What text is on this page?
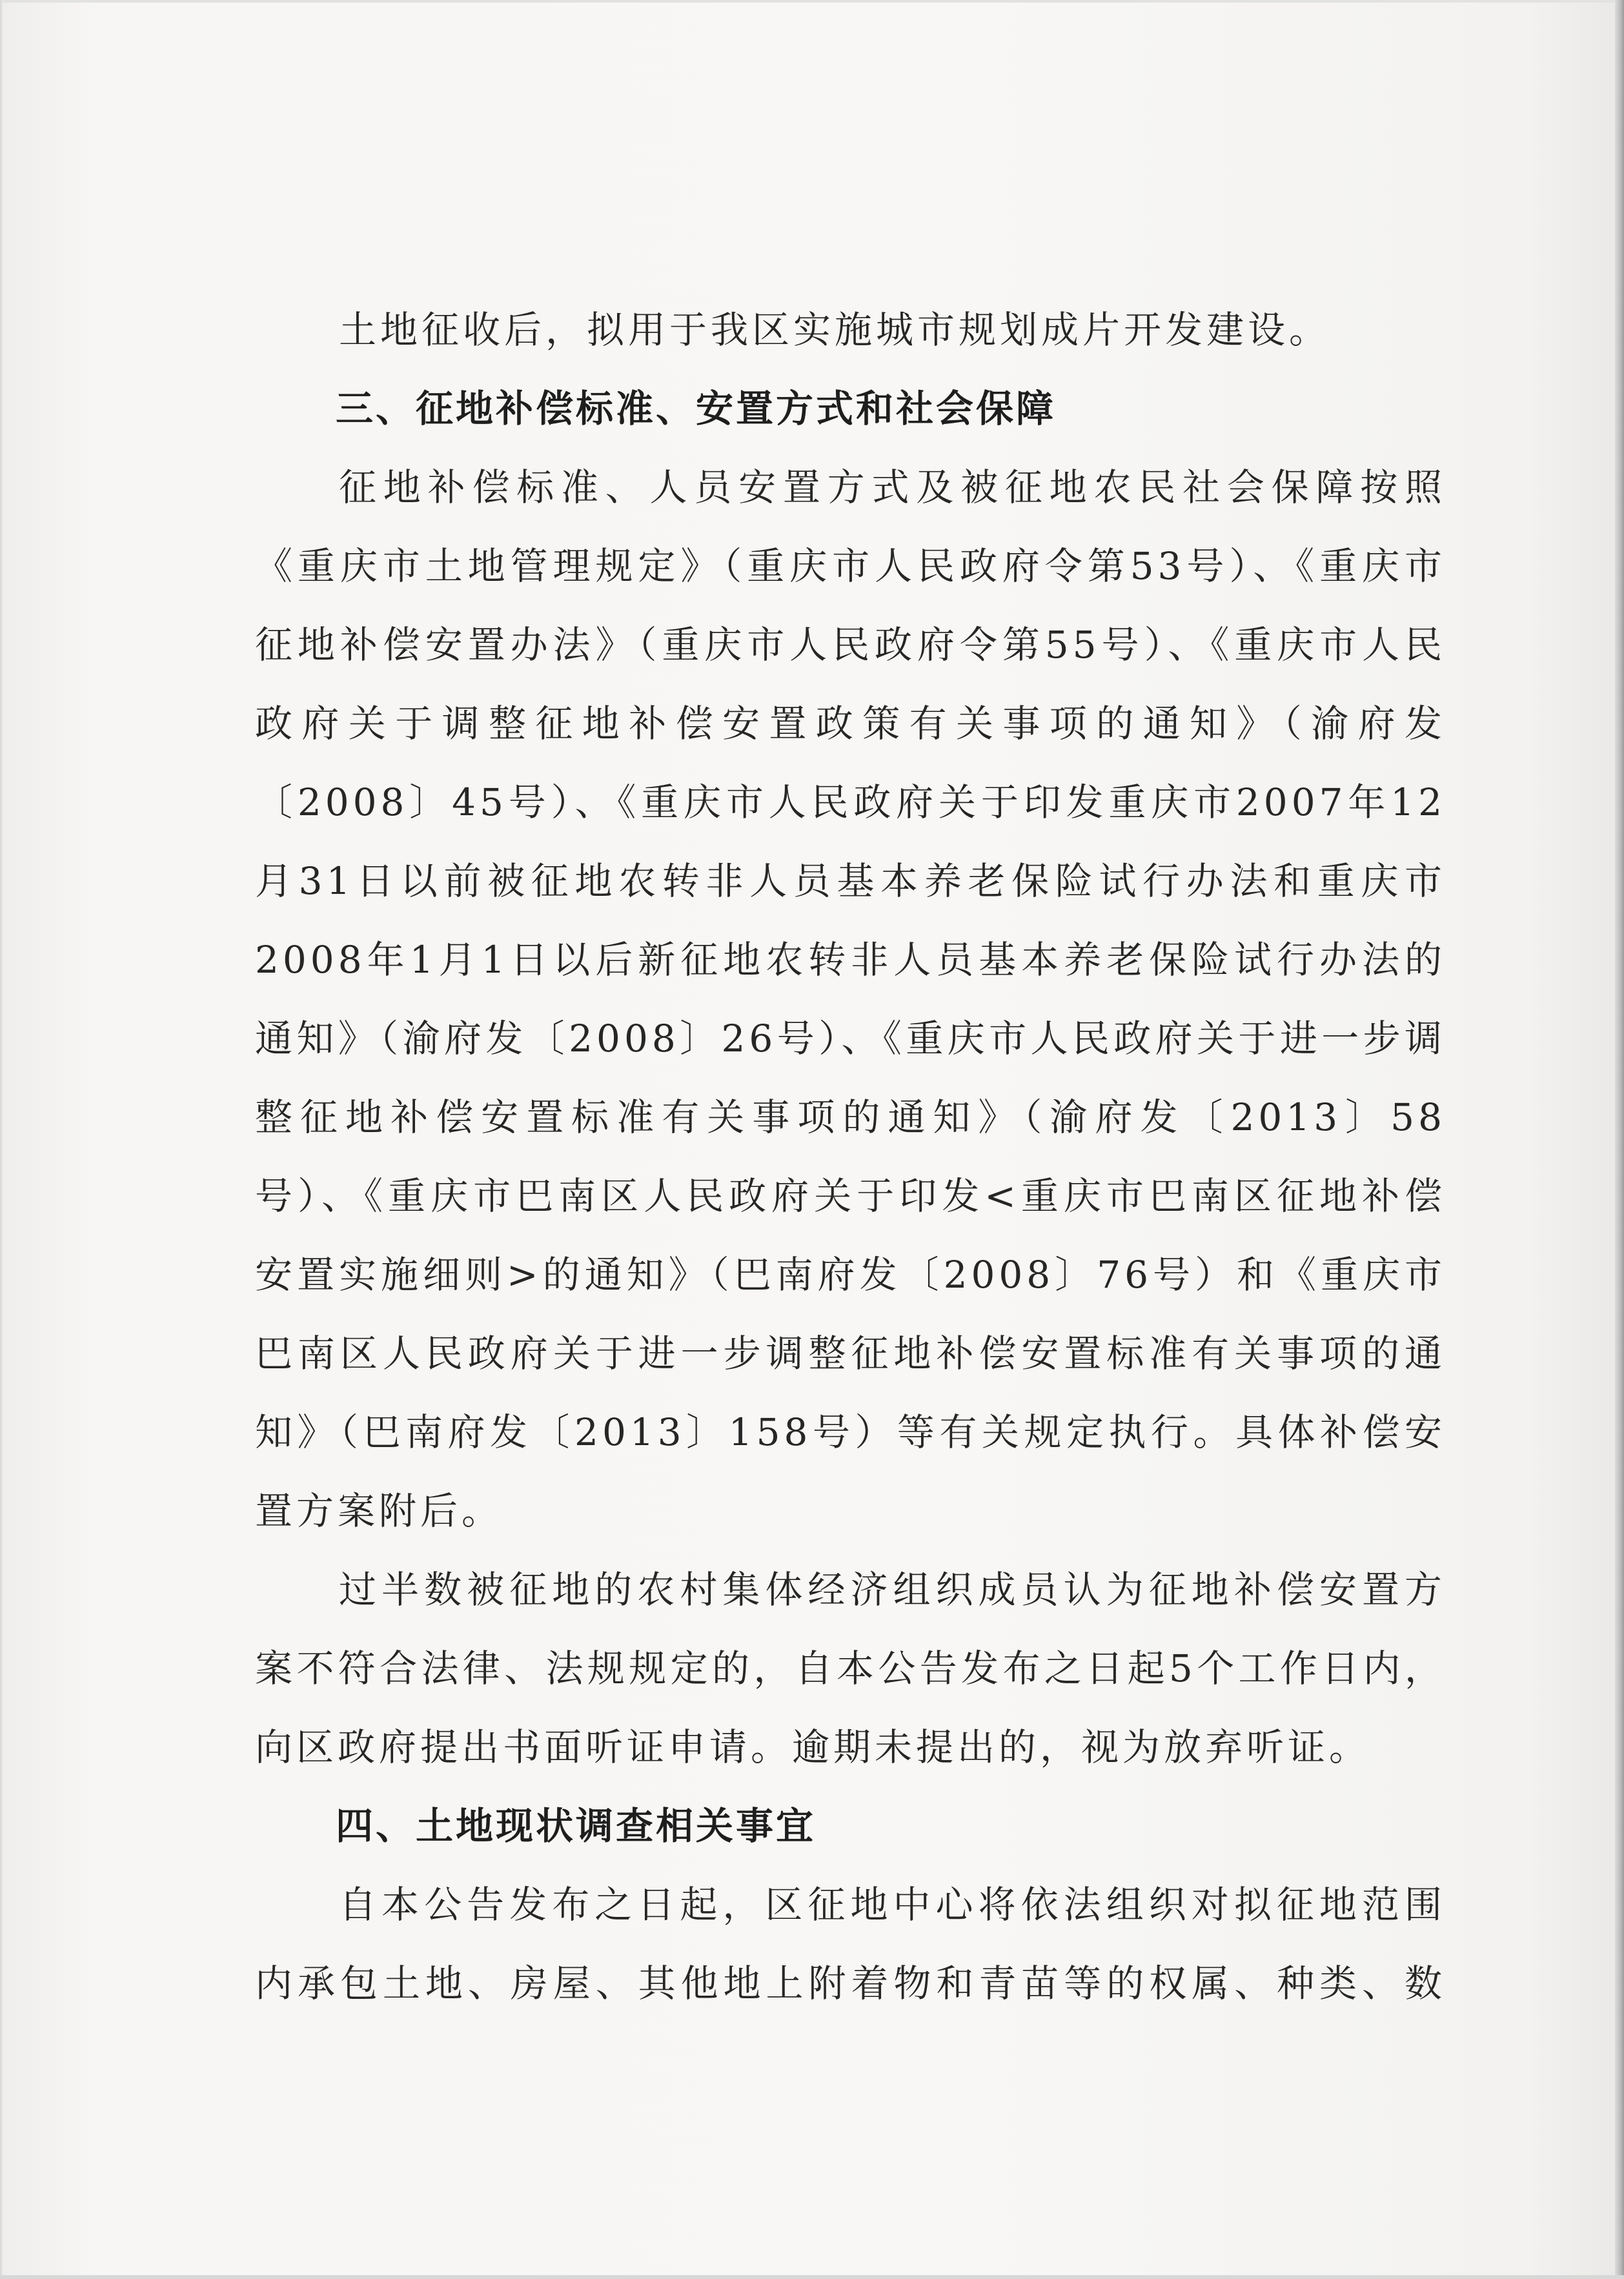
土地征收后，拟用于我区实施城市规划成片开发建设。

三、征地补偿标准、安置方式和社会保障

征地补偿标准、人员安置方式及被征地农民社会保障按照《重庆市土地管理规定》（重庆市人民政府令第53号）、《重庆市征地补偿安置办法》（重庆市人民政府令第55号）、《重庆市人民政府关于调整征地补偿安置政策有关事项的通知》（渝府发〔2008〕45号）、《重庆市人民政府关于印发重庆市2007年12月31日以前被征地农转非人员基本养老保险试行办法和重庆市2008年1月1日以后新征地农转非人员基本养老保险试行办法的通知》（渝府发〔2008〕26号）、《重庆市人民政府关于进一步调整征地补偿安置标准有关事项的通知》（渝府发〔2013〕58号）、《重庆市巴南区人民政府关于印发<重庆市巴南区征地补偿安置实施细则>的通知》（巴南府发〔2008〕76号）和《重庆市巴南区人民政府关于进一步调整征地补偿安置标准有关事项的通知》（巴南府发〔2013〕158号）等有关规定执行。具体补偿安置方案附后。

过半数被征地的农村集体经济组织成员认为征地补偿安置方案不符合法律、法规规定的，自本公告发布之日起5个工作日内，向区政府提出书面听证申请。逾期未提出的，视为放弃听证。

四、土地现状调查相关事宜

自本公告发布之日起，区征地中心将依法组织对拟征地范围内承包土地、房屋、其他地上附着物和青苗等的权属、种类、数
